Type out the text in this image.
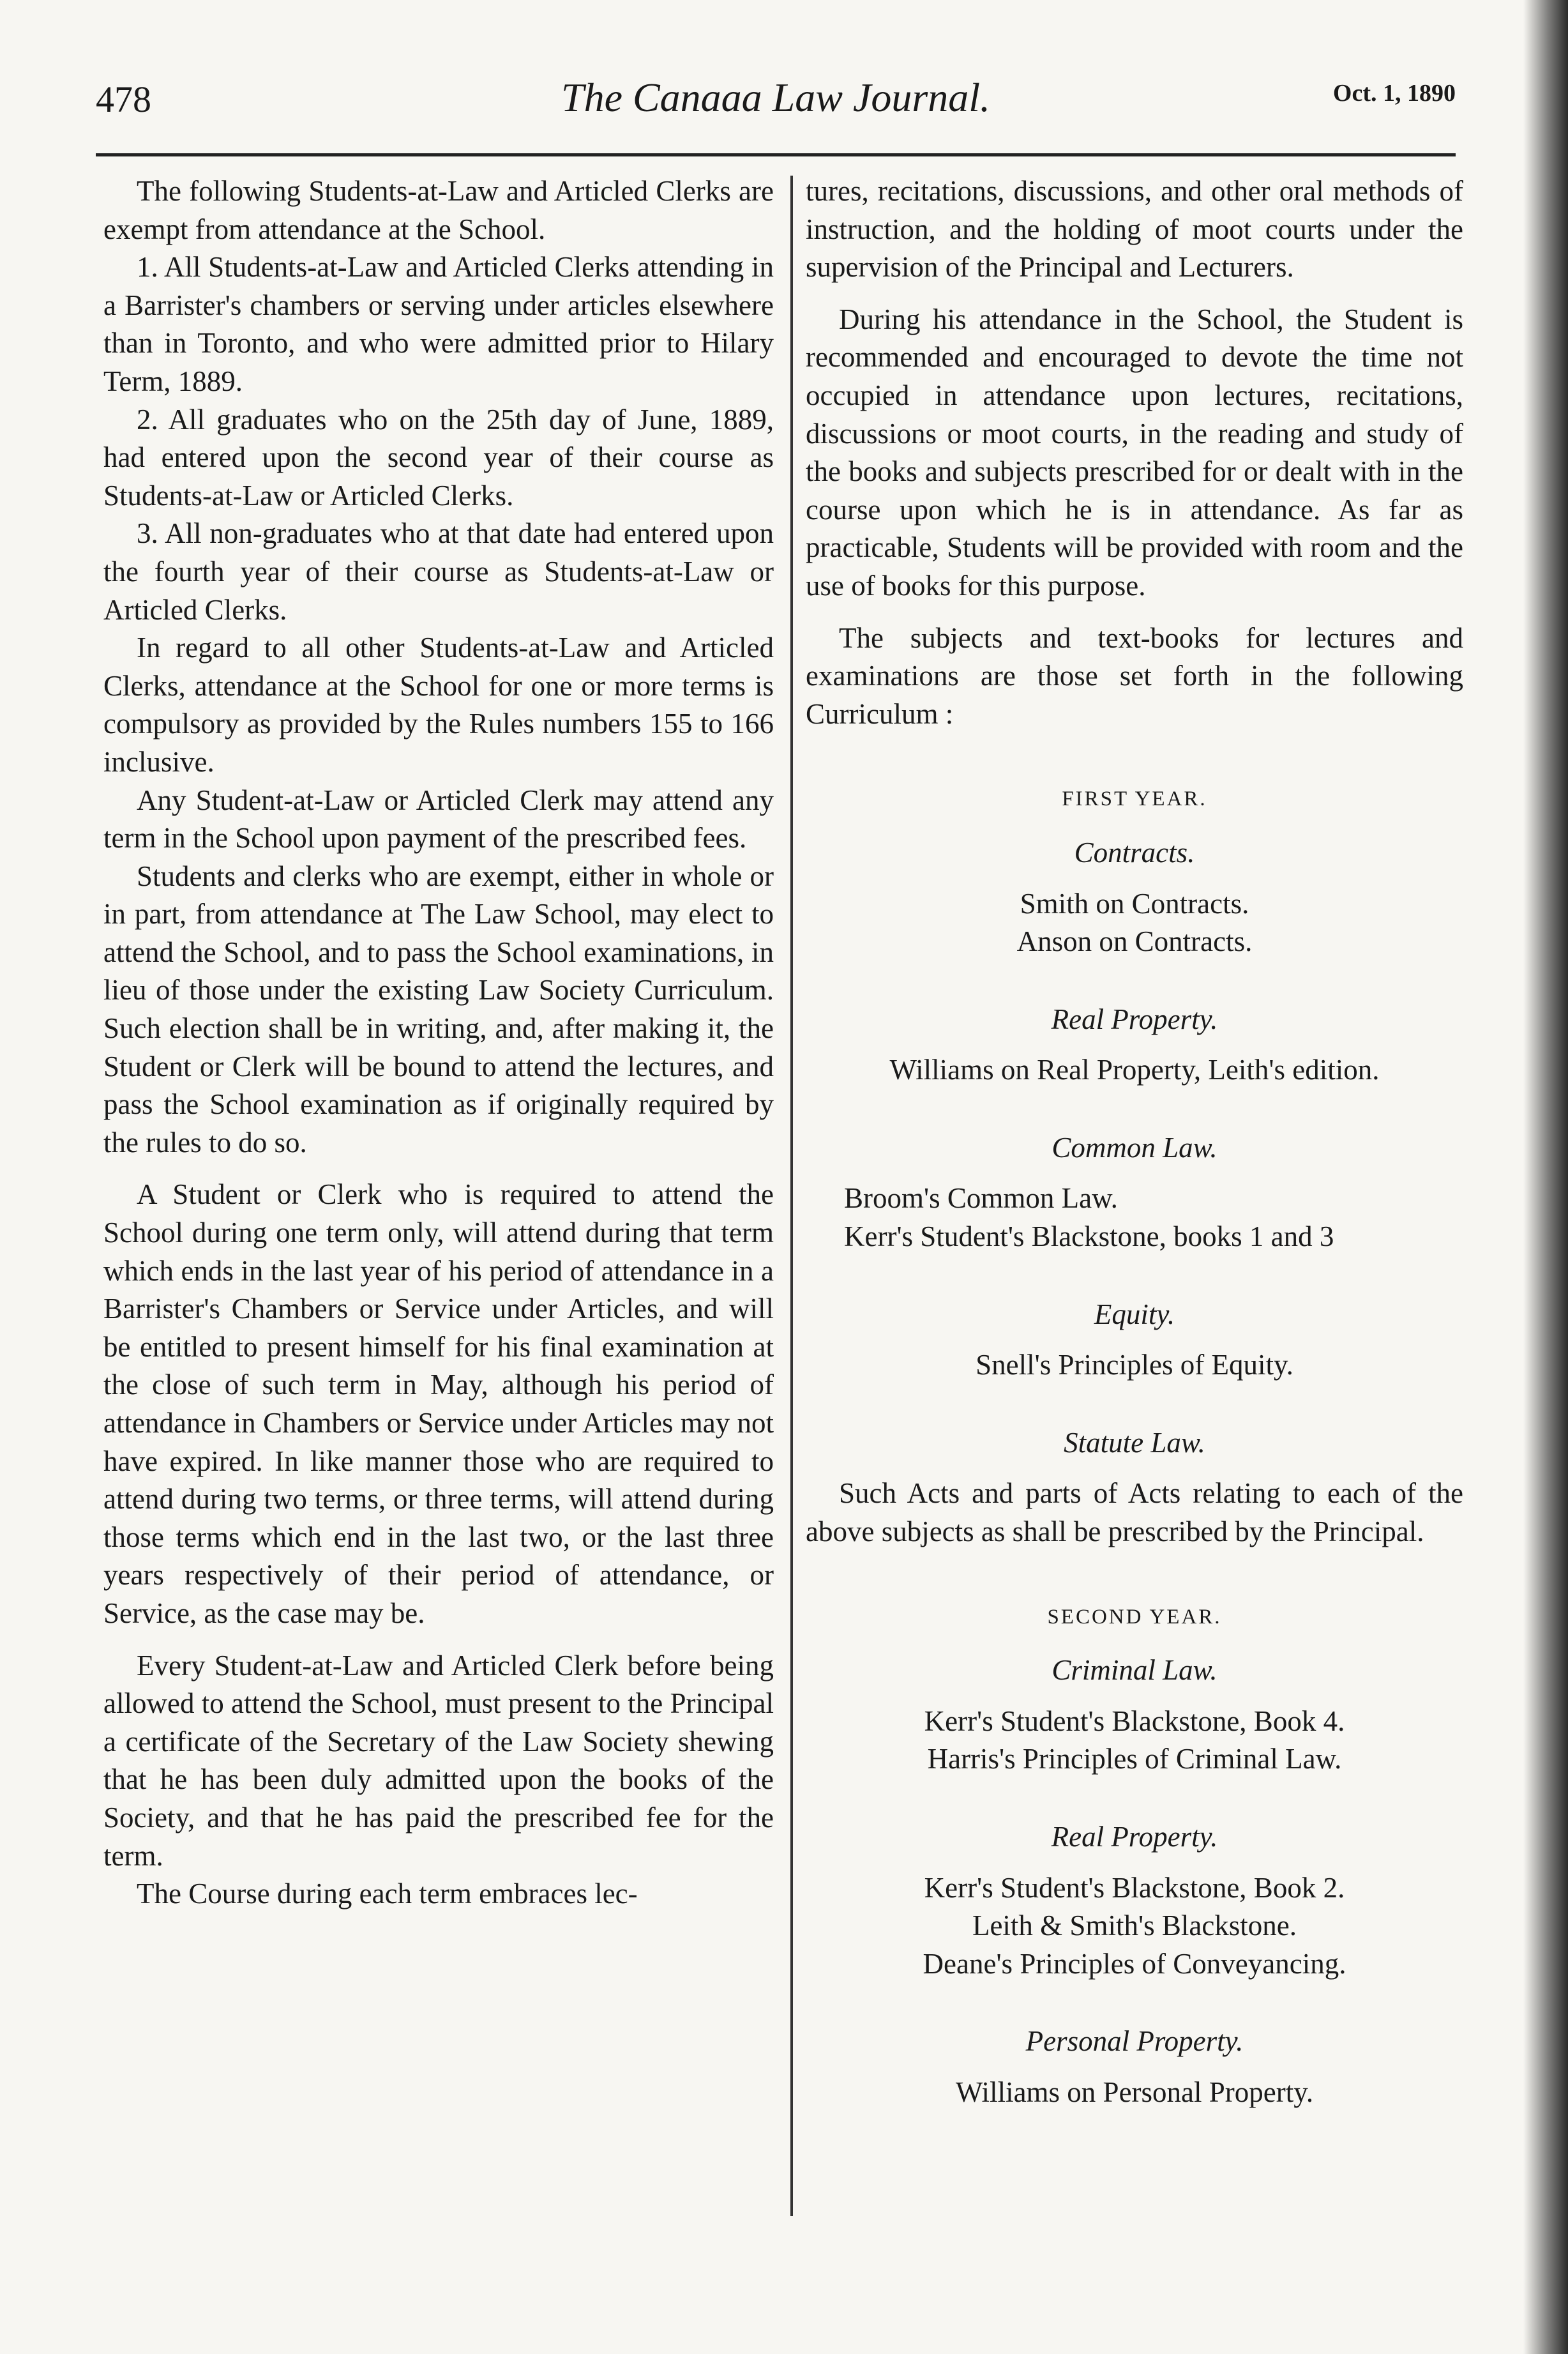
478	The Canaaa Law Journal.	Oct. 1, 1890

The following Students-at-Law and Articled Clerks are exempt from attendance at the School.

1. All Students-at-Law and Articled Clerks attending in a Barrister's chambers or serving under articles elsewhere than in Toronto, and who were admitted prior to Hilary Term, 1889.

2. All graduates who on the 25th day of June, 1889, had entered upon the second year of their course as Students-at-Law or Articled Clerks.

3. All non-graduates who at that date had entered upon the fourth year of their course as Students-at-Law or Articled Clerks.

In regard to all other Students-at-Law and Articled Clerks, attendance at the School for one or more terms is compulsory as provided by the Rules numbers 155 to 166 inclusive.

Any Student-at-Law or Articled Clerk may attend any term in the School upon payment of the prescribed fees.

Students and clerks who are exempt, either in whole or in part, from attendance at The Law School, may elect to attend the School, and to pass the School examinations, in lieu of those under the existing Law Society Curriculum. Such election shall be in writing, and, after making it, the Student or Clerk will be bound to attend the lectures, and pass the School examination as if originally required by the rules to do so.

A Student or Clerk who is required to attend the School during one term only, will attend during that term which ends in the last year of his period of attendance in a Barrister's Chambers or Service under Articles, and will be entitled to present himself for his final examination at the close of such term in May, although his period of attendance in Chambers or Service under Articles may not have expired. In like manner those who are required to attend during two terms, or three terms, will attend during those terms which end in the last two, or the last three years respectively of their period of attendance, or Service, as the case may be.

Every Student-at-Law and Articled Clerk before being allowed to attend the School, must present to the Principal a certificate of the Secretary of the Law Society shewing that he has been duly admitted upon the books of the Society, and that he has paid the prescribed fee for the term.

The Course during each term embraces lec-

tures, recitations, discussions, and other oral methods of instruction, and the holding of moot courts under the supervision of the Principal and Lecturers.

During his attendance in the School, the Student is recommended and encouraged to devote the time not occupied in attendance upon lectures, recitations, discussions or moot courts, in the reading and study of the books and subjects prescribed for or dealt with in the course upon which he is in attendance. As far as practicable, Students will be provided with room and the use of books for this purpose.

The subjects and text-books for lectures and examinations are those set forth in the following Curriculum :

FIRST YEAR.
Contracts.
Smith on Contracts.
Anson on Contracts.
Real Property.
Williams on Real Property, Leith's edition.
Common Law.
Broom's Common Law.
Kerr's Student's Blackstone, books 1 and 3
Equity.
Snell's Principles of Equity.
Statute Law.
Such Acts and parts of Acts relating to each of the above subjects as shall be prescribed by the Principal.
SECOND YEAR.
Criminal Law.
Kerr's Student's Blackstone, Book 4.
Harris's Principles of Criminal Law.
Real Property.
Kerr's Student's Blackstone, Book 2.
Leith & Smith's Blackstone.
Deane's Principles of Conveyancing.
Personal Property.
Williams on Personal Property.
